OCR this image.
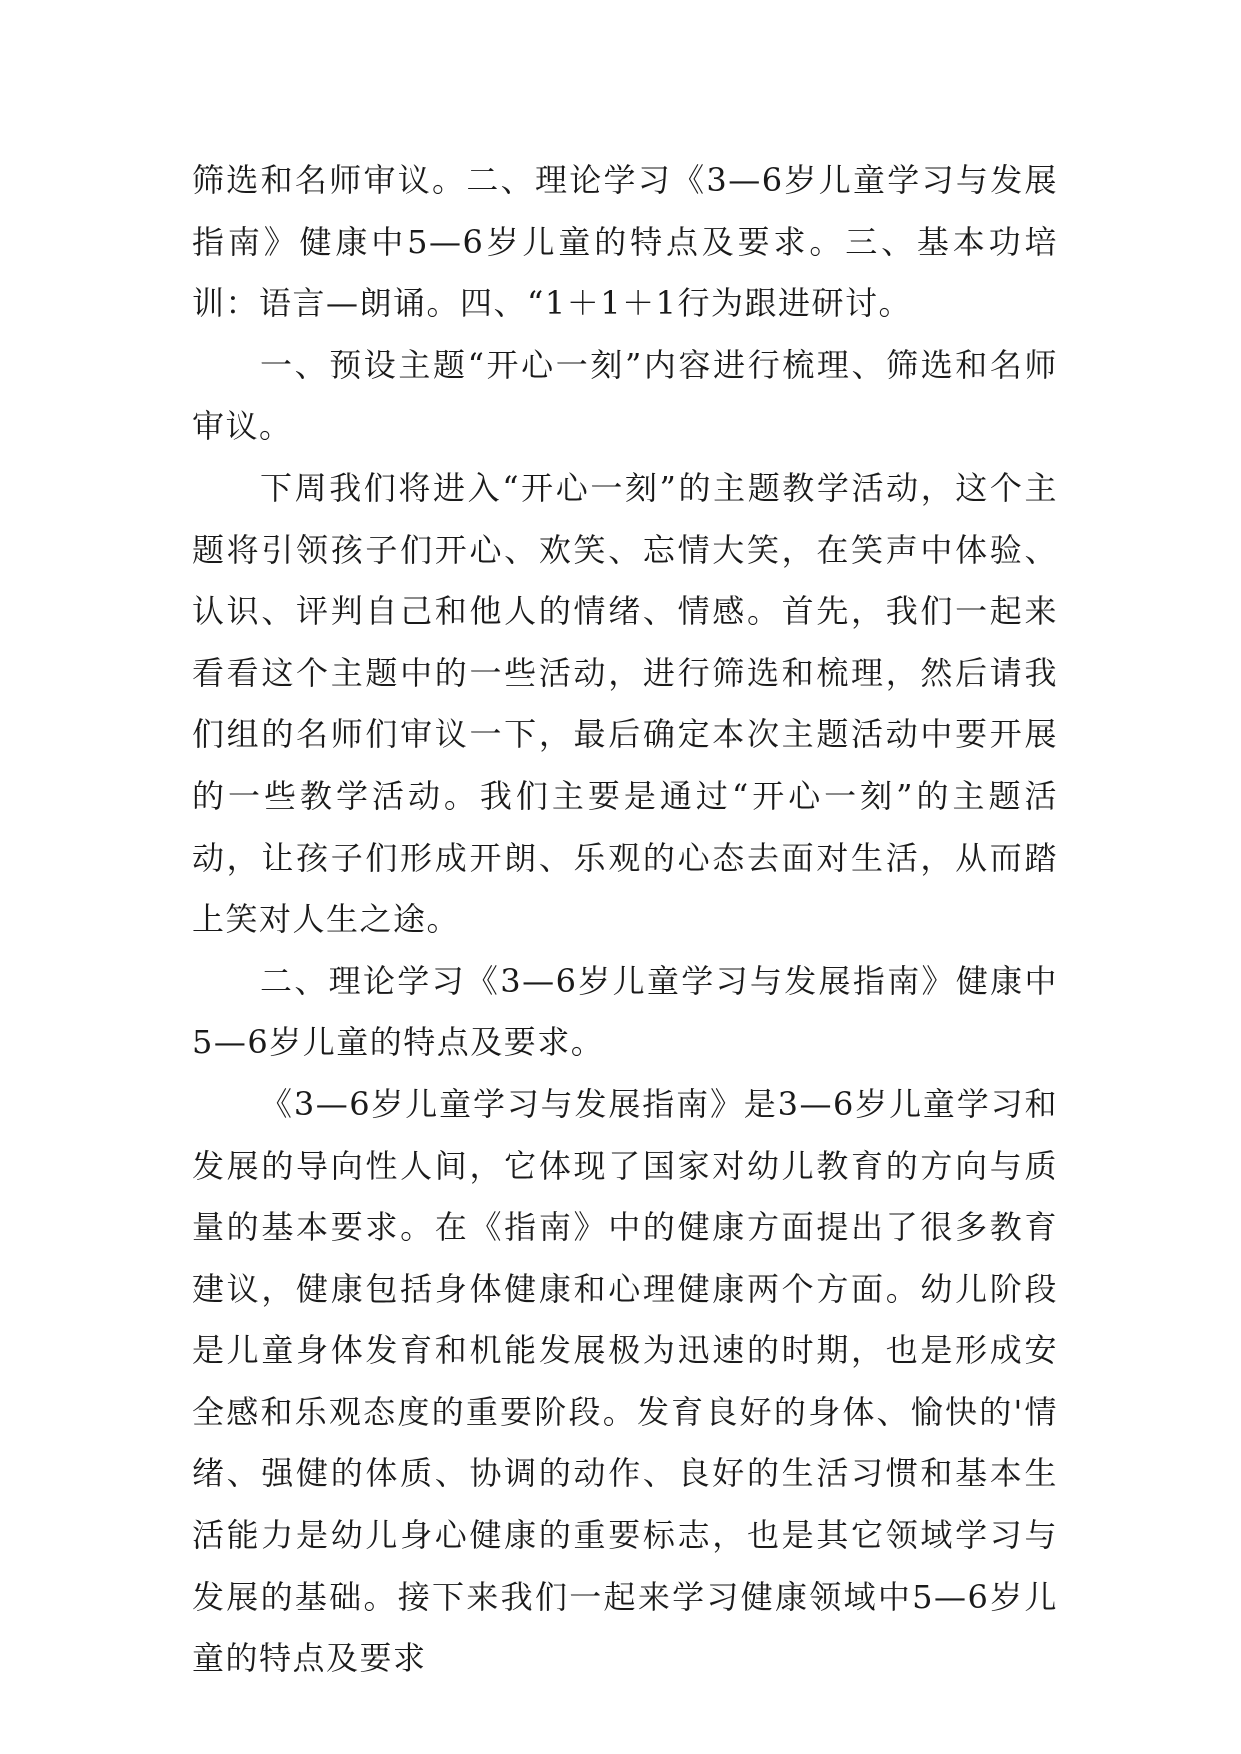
筛选和名师审议。二、理论学习《3—6岁儿童学习与发展指南》健康中5—6岁儿童的特点及要求。三、基本功培训：语言—朗诵。四、“1＋1＋1行为跟进研讨。

一、预设主题“开心一刻”内容进行梳理、筛选和名师审议。

下周我们将进入“开心一刻”的主题教学活动，这个主题将引领孩子们开心、欢笑、忘情大笑，在笑声中体验、认识、评判自己和他人的情绪、情感。首先，我们一起来看看这个主题中的一些活动，进行筛选和梳理，然后请我们组的名师们审议一下，最后确定本次主题活动中要开展的一些教学活动。我们主要是通过“开心一刻”的主题活动，让孩子们形成开朗、乐观的心态去面对生活，从而踏上笑对人生之途。

二、理论学习《3—6岁儿童学习与发展指南》健康中5—6岁儿童的特点及要求。

《3—6岁儿童学习与发展指南》是3—6岁儿童学习和发展的导向性人间，它体现了国家对幼儿教育的方向与质量的基本要求。在《指南》中的健康方面提出了很多教育建议，健康包括身体健康和心理健康两个方面。幼儿阶段是儿童身体发育和机能发展极为迅速的时期，也是形成安全感和乐观态度的重要阶段。发育良好的身体、愉快的'情绪、强健的体质、协调的动作、良好的生活习惯和基本生活能力是幼儿身心健康的重要标志，也是其它领域学习与发展的基础。接下来我们一起来学习健康领域中5—6岁儿童的特点及要求
